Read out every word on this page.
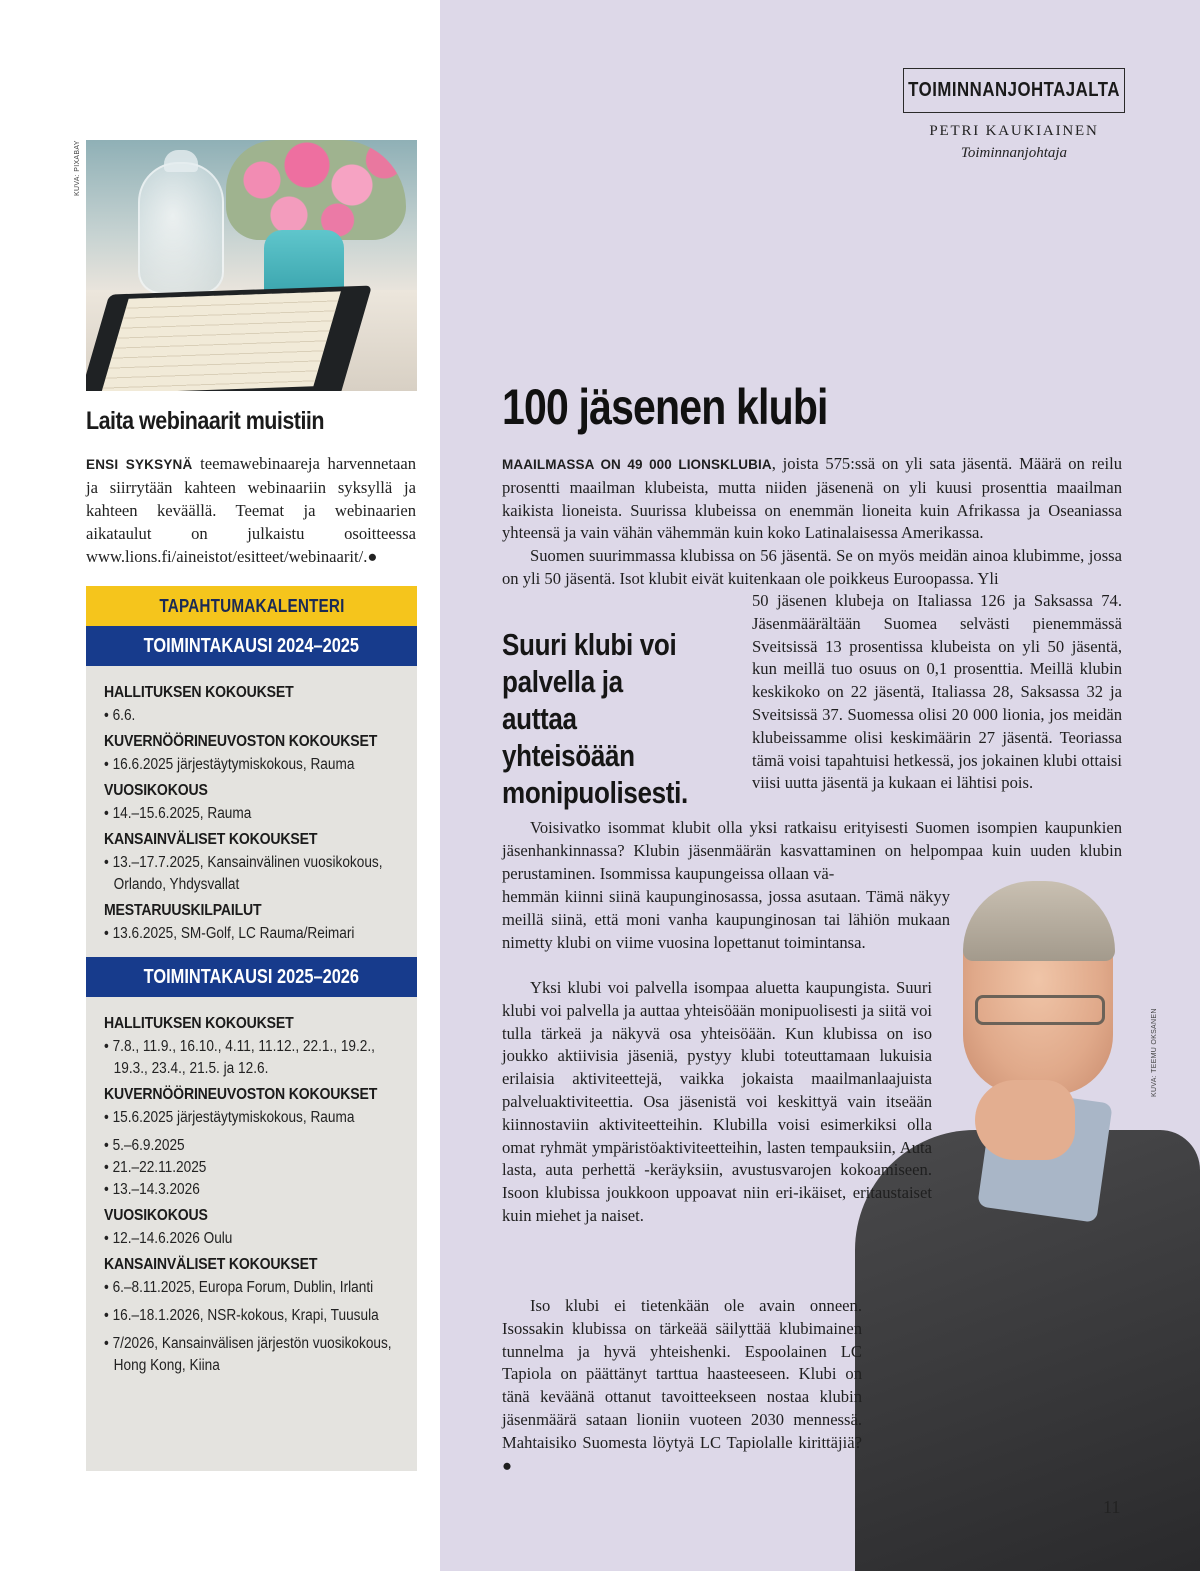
KUVA: PIXABAY
Laita webinaarit muistiin
ENSI SYKSYNÄ teemawebinaareja harvennetaan ja siirrytään kahteen webinaariin syksyllä ja kahteen keväällä. Teemat ja webinaarien aikataulut on julkaistu osoitteessa www.lions.fi/aineistot/esitteet/webinaarit/.●
TAPAHTUMAKALENTERI
TOIMINTAKAUSI 2024–2025
HALLITUKSEN KOKOUKSET
• 6.6.
KUVERNÖÖRINEUVOSTON KOKOUKSET
• 16.6.2025 järjestäytymiskokous, Rauma
VUOSIKOKOUS
• 14.–15.6.2025, Rauma
KANSAINVÄLISET KOKOUKSET
• 13.–17.7.2025, Kansainvälinen vuosikokous, Orlando, Yhdysvallat
MESTARUUSKILPAILUT
• 13.6.2025, SM-Golf, LC Rauma/Reimari
TOIMINTAKAUSI 2025–2026
HALLITUKSEN KOKOUKSET
• 7.8., 11.9., 16.10., 4.11, 11.12., 22.1., 19.2., 19.3., 23.4., 21.5. ja 12.6.
KUVERNÖÖRINEUVOSTON KOKOUKSET
• 15.6.2025 järjestäytymiskokous, Rauma
• 5.–6.9.2025
• 21.–22.11.2025
• 13.–14.3.2026
VUOSIKOKOUS
• 12.–14.6.2026 Oulu
KANSAINVÄLISET KOKOUKSET
• 6.–8.11.2025, Europa Forum, Dublin, Irlanti
• 16.–18.1.2026, NSR-kokous, Krapi, Tuusula
• 7/2026, Kansainvälisen järjestön vuosikokous, Hong Kong, Kiina
TOIMINNANJOHTAJALTA
PETRI KAUKIAINEN
Toiminnanjohtaja
100 jäsenen klubi

MAAILMASSA ON 49 000 LIONSKLUBIA, joista 575:ssä on yli sata jäsentä. Määrä on reilu prosentti maailman klubeista, mutta niiden jäsenenä on yli kuusi prosenttia maailman kaikista lioneista. Suurissa klubeissa on enemmän lioneita kuin Afrikassa ja Oseaniassa yhteensä ja vain vähän vähemmän kuin koko Latinalaisessa Amerikassa.

Suomen suurimmassa klubissa on 56 jäsentä. Se on myös meidän ainoa klubimme, jossa on yli 50 jäsentä. Isot klubit eivät kuitenkaan ole poikkeus Euroopassa. Yli

Suuri klubi voi palvella ja auttaa yhteisöään monipuolisesti.

50 jäsenen klubeja on Italiassa 126 ja Saksassa 74. Jäsenmäärältään Suomea selvästi pienemmässä Sveitsissä 13 prosentissa klubeista on yli 50 jäsentä, kun meillä tuo osuus on 0,1 prosenttia. Meillä klubin keskikoko on 22 jäsentä, Italiassa 28, Saksassa 32 ja Sveitsissä 37. Suomessa olisi 20 000 lionia, jos meidän klubeissamme olisi keskimäärin 27 jäsentä. Teoriassa tämä voisi tapahtuisi hetkessä, jos jokainen klubi ottaisi viisi uutta jäsentä ja kukaan ei lähtisi pois.

Voisivatko isommat klubit olla yksi ratkaisu erityisesti Suomen isompien kaupunkien jäsenhankinnassa? Klubin jäsenmäärän kasvattaminen on helpompaa kuin uuden klubin perustaminen. Isommissa kaupungeissa ollaan vä-

KUVA: TEEMU OKSANEN

hemmän kiinni siinä kaupunginosassa, jossa asutaan. Tämä näkyy meillä siinä, että moni vanha kaupunginosan tai lähiön mukaan nimetty klubi on viime vuosina lopettanut toimintansa.

Yksi klubi voi palvella isompaa aluetta kaupungista. Suuri klubi voi palvella ja auttaa yhteisöään monipuolisesti ja siitä voi tulla tärkeä ja näkyvä osa yhteisöään. Kun klubissa on iso joukko aktiivisia jäseniä, pystyy klubi toteuttamaan lukuisia erilaisia aktiviteettejä, vaikka jokaista maailmanlaajuista palveluaktiviteettia. Osa jäsenistä voi keskittyä vain itseään kiinnostaviin aktiviteetteihin. Klubilla voisi esimerkiksi olla omat ryhmät ympäristöaktiviteetteihin, lasten tempauksiin, Auta lasta, auta perhettä -keräyksiin, avustusvarojen kokoamiseen. Isoon klubissa joukkoon uppoavat niin eri-ikäiset, eritaustaiset kuin miehet ja naiset.

Iso klubi ei tietenkään ole avain onneen. Isossakin klubissa on tärkeää säilyttää klubimainen tunnelma ja hyvä yhteishenki. Espoolainen LC Tapiola on päättänyt tarttua haasteeseen. Klubi on tänä keväänä ottanut tavoitteekseen nostaa klubin jäsenmäärä sataan lioniin vuoteen 2030 mennessä. Mahtaisiko Suomesta löytyä LC Tapiolalle kirittäjiä?●

11
